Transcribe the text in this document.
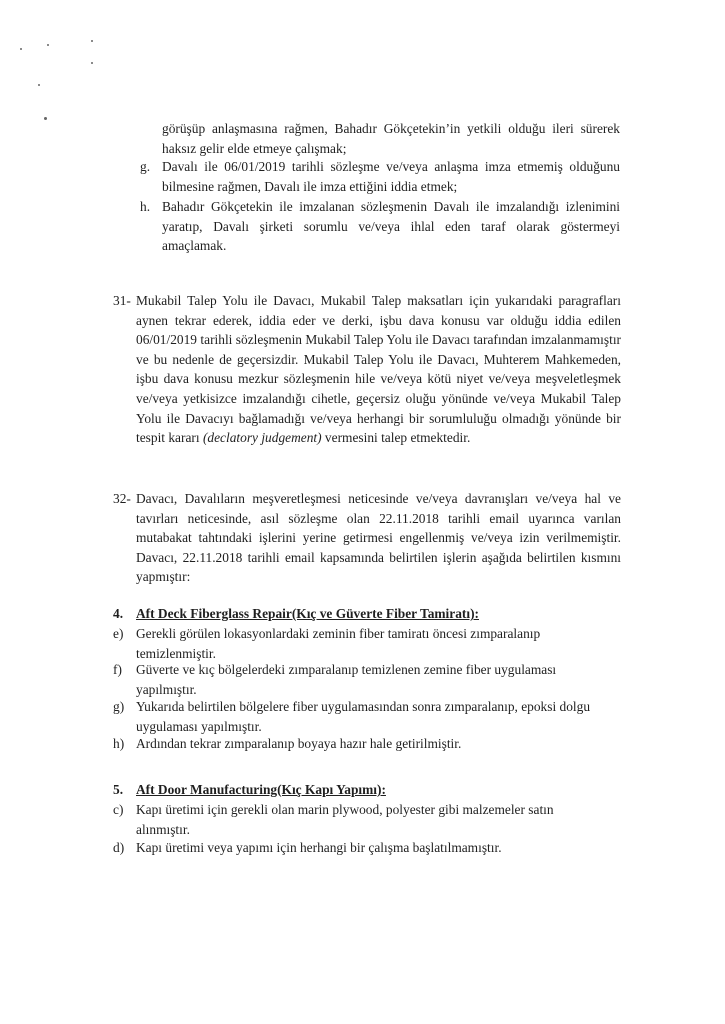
görüşüp anlaşmasına rağmen, Bahadır Gökçetekin’in yetkili olduğu ileri sürerek haksız gelir elde etmeye çalışmak;
g. Davalı ile 06/01/2019 tarihli sözleşme ve/veya anlaşma imza etmemiş olduğunu bilmesine rağmen, Davalı ile imza ettiğini iddia etmek;
h. Bahadır Gökçetekin ile imzalanan sözleşmenin Davalı ile imzalandığı izlenimini yaratıp, Davalı şirketi sorumlu ve/veya ihlal eden taraf olarak göstermeyi amaçlamak.
31- Mukabil Talep Yolu ile Davacı, Mukabil Talep maksatları için yukarıdaki paragrafları aynen tekrar ederek, iddia eder ve derki, işbu dava konusu var olduğu iddia edilen 06/01/2019 tarihli sözleşmenin Mukabil Talep Yolu ile Davacı tarafından imzalanmamıştır ve bu nedenle de geçersizdir. Mukabil Talep Yolu ile Davacı, Muhterem Mahkemeden, işbu dava konusu mezkur sözleşmenin hile ve/veya kötü niyet ve/veya meşveletleşmek ve/veya yetkisizce imzalandığı cihetle, geçersiz oluğu yönünde ve/veya Mukabil Talep Yolu ile Davacıyı bağlamadığı ve/veya herhangi bir sorumluluğu olmadığı yönünde bir tespit kararı (declatory judgement) vermesini talep etmektedir.
32- Davacı, Davalıların meşveretleşmesi neticesinde ve/veya davranışları ve/veya hal ve tavırları neticesinde, asıl sözleşme olan 22.11.2018 tarihli email uyarınca varılan mutabakat tahtındaki işlerini yerine getirmesi engellenmiş ve/veya izin verilmemiştir. Davacı, 22.11.2018 tarihli email kapsamında belirtilen işlerin aşağıda belirtilen kısmını yapmıştır:
4. Aft Deck Fiberglass Repair(Kıç ve Güverte Fiber Tamiratı):
e) Gerekli görülen lokasyonlardaki zeminin fiber tamiratı öncesi zımparalanıp temizlenmiştir.
f) Güverte ve kıç bölgelerdeki zımparalanıp temizlenen zemine fiber uygulaması yapılmıştır.
g) Yukarıda belirtilen bölgelere fiber uygulamasından sonra zımparalanıp, epoksi dolgu uygulaması yapılmıştır.
h) Ardından tekrar zımparalanıp boyaya hazır hale getirilmiştir.
5. Aft Door Manufacturing(Kıç Kapı Yapımı):
c) Kapı üretimi için gerekli olan marin plywood, polyester gibi malzemeler satın alınmıştır.
d) Kapı üretimi veya yapımı için herhangi bir çalışma başlatılmamıştır.
